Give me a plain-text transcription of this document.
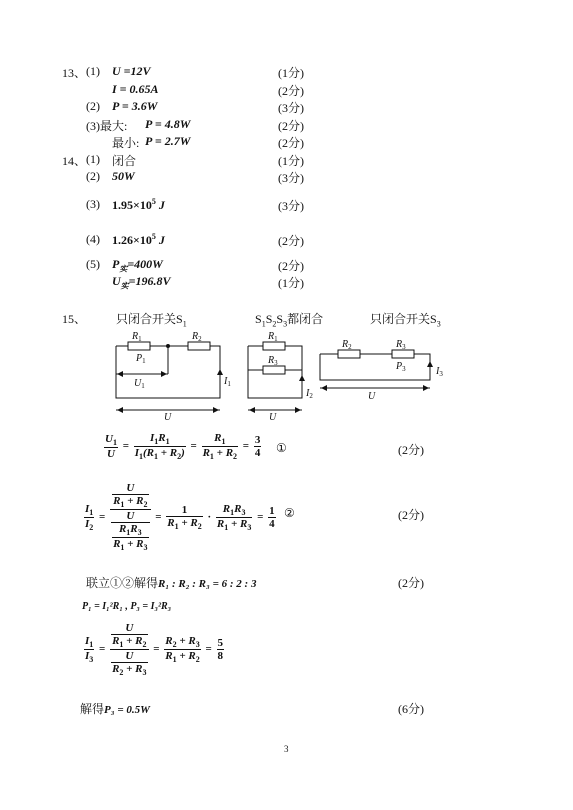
13、 (1) U =12V	(1分)
I = 0.65A	(2分)
(2) P = 3.6W	(3分)
(3)最大: P = 4.8W	(2分)
最小: P = 2.7W	(2分)
14、 (1) 闭合	(1分)
(2) 50W	(3分)
(3) $1.95\times 10^5$ J	(3分)
(4) $1.26\times 10^5$ J	(2分)
(5) $P_实=400W$	(2分)
$U_实=196.8V$	(1分)
15、 只闭合开关$S_1$	$S_1S_2S_3$都闭合	只闭合开关$S_3$
$R_1$	$R_2$
$P_1$
$U_1$	$I_1$
U
$R_1$
$R_3$
$I_2$
U
$R_2$	$R_3$
$P_3$	$I_3$
U
$\frac{U_1}{U} = \frac{I_1R_1}{I_1(R_1 + R_2)} = \frac{R_1}{R_1 + R_2} = \frac{3}{4}$ ①	(2分)
$\frac{I_1}{I_2} = \frac{\frac{U}{R_1 + R_2}}{\frac{U}{\frac{R_1R_3}{R_1 + R_3}}} = \frac{1}{R_1 + R_2} \cdot \frac{R_1R_3}{R_1 + R_3} = \frac{1}{4}$ ②	(2分)
联立①②解得R₁ : R₂ : R₃ = 6 : 2 : 3	(2分)
P₁ = I₁²R₁ , P₃ = I₃²R₃
$\frac{I_1}{I_3} = \frac{\frac{U}{R_1 + R_2}}{\frac{U}{R_2 + R_3}} = \frac{R_2 + R_3}{R_1 + R_2} = \frac{5}{8}$
解得P₃ = 0.5W	(6分)
3
